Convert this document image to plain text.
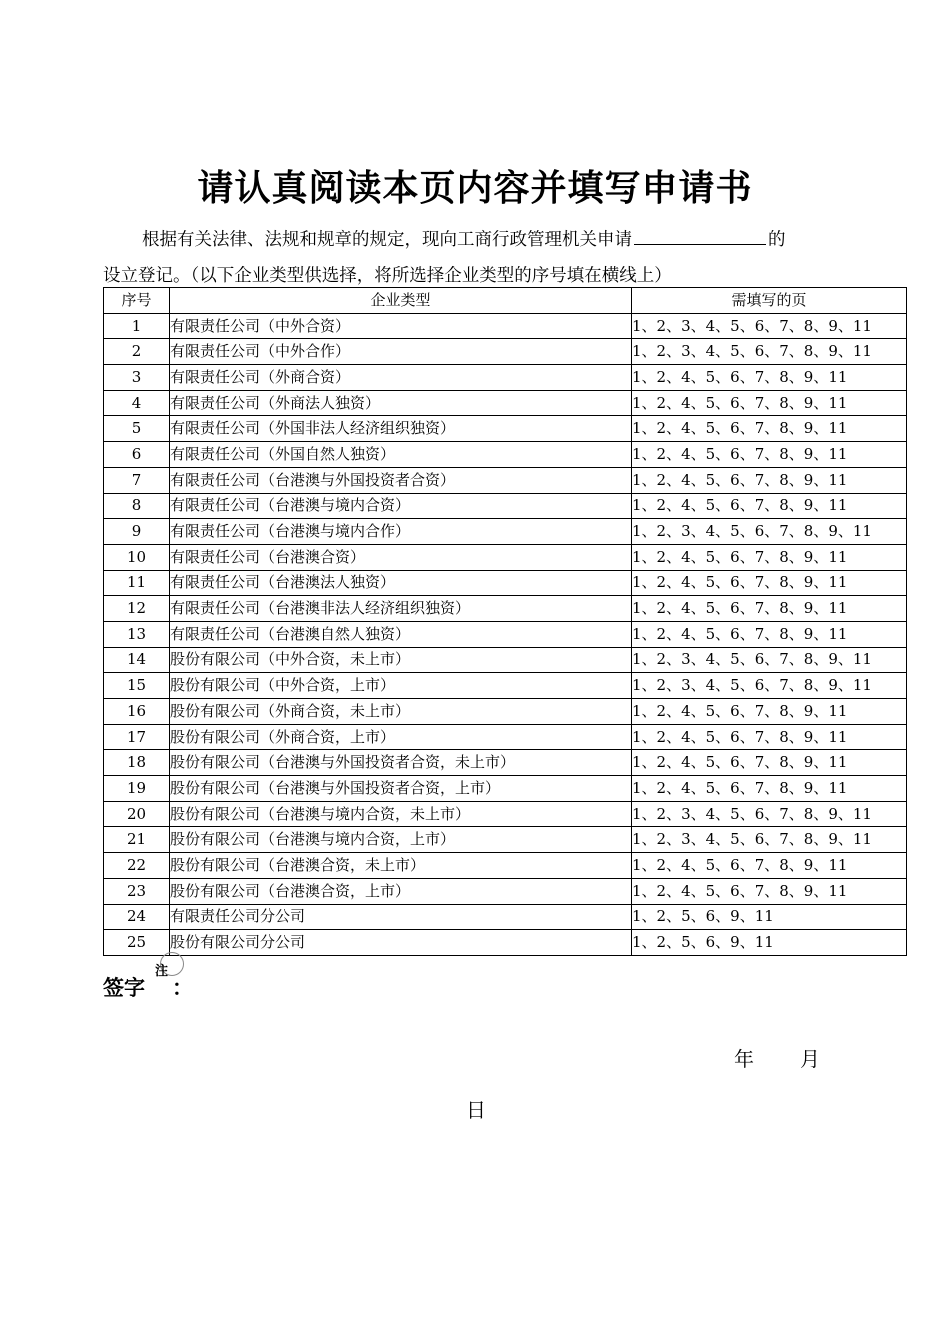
请认真阅读本页内容并填写申请书
根据有关法律、法规和规章的规定，现向工商行政管理机关申请	的
设立登记。（以下企业类型供选择，将所选择企业类型的序号填在横线上）
序号	企业类型	需填写的页
1	有限责任公司（中外合资）	1、2、3、4、5、6、7、8、9、11
2	有限责任公司（中外合作）	1、2、3、4、5、6、7、8、9、11
3	有限责任公司（外商合资）	1、2、4、5、6、7、8、9、11
4	有限责任公司（外商法人独资）	1、2、4、5、6、7、8、9、11
5	有限责任公司（外国非法人经济组织独资）	1、2、4、5、6、7、8、9、11
6	有限责任公司（外国自然人独资）	1、2、4、5、6、7、8、9、11
7	有限责任公司（台港澳与外国投资者合资）	1、2、4、5、6、7、8、9、11
8	有限责任公司（台港澳与境内合资）	1、2、4、5、6、7、8、9、11
9	有限责任公司（台港澳与境内合作）	1、2、3、4、5、6、7、8、9、11
10	有限责任公司（台港澳合资）	1、2、4、5、6、7、8、9、11
11	有限责任公司（台港澳法人独资）	1、2、4、5、6、7、8、9、11
12	有限责任公司（台港澳非法人经济组织独资）	1、2、4、5、6、7、8、9、11
13	有限责任公司（台港澳自然人独资）	1、2、4、5、6、7、8、9、11
14	股份有限公司（中外合资，未上市）	1、2、3、4、5、6、7、8、9、11
15	股份有限公司（中外合资，上市）	1、2、3、4、5、6、7、8、9、11
16	股份有限公司（外商合资，未上市）	1、2、4、5、6、7、8、9、11
17	股份有限公司（外商合资，上市）	1、2、4、5、6、7、8、9、11
18	股份有限公司（台港澳与外国投资者合资，未上市）	1、2、4、5、6、7、8、9、11
19	股份有限公司（台港澳与外国投资者合资，上市）	1、2、4、5、6、7、8、9、11
20	股份有限公司（台港澳与境内合资，未上市）	1、2、3、4、5、6、7、8、9、11
21	股份有限公司（台港澳与境内合资，上市）	1、2、3、4、5、6、7、8、9、11
22	股份有限公司（台港澳合资，未上市）	1、2、4、5、6、7、8、9、11
23	股份有限公司（台港澳合资，上市）	1、2、4、5、6、7、8、9、11
24	有限责任公司分公司	1、2、5、6、9、11
25	股份有限公司分公司	1、2、5、6、9、11
签字
注
：
年 月
日
